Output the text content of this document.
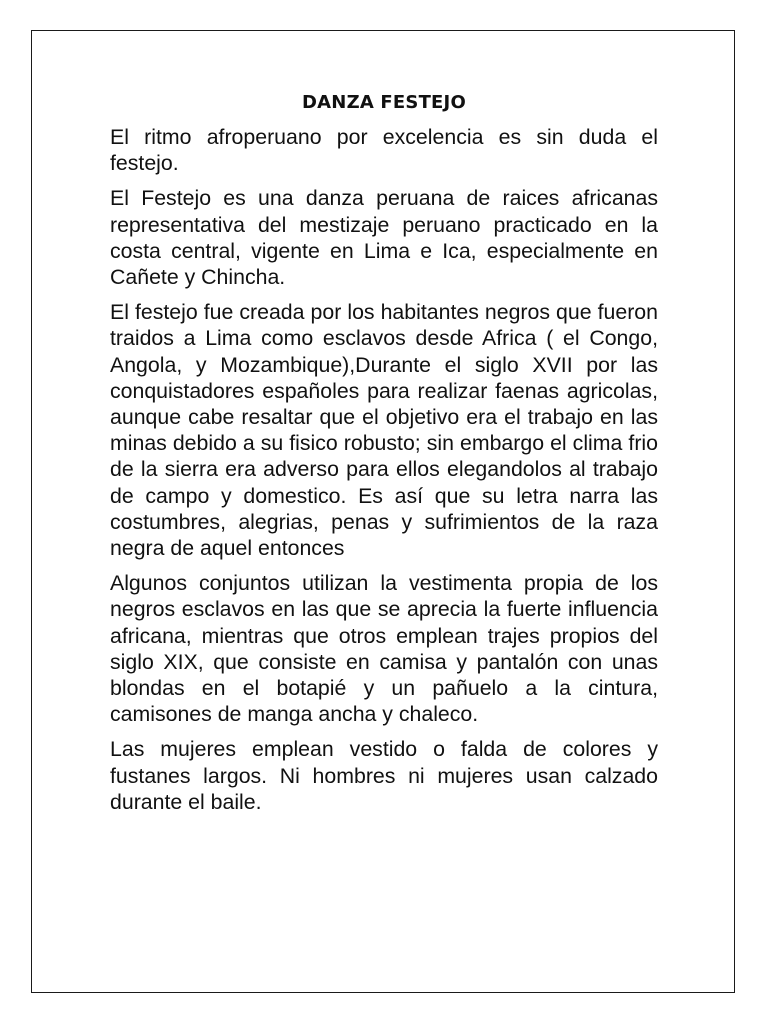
DANZA FESTEJO

El ritmo afroperuano por excelencia es sin duda el festejo.

El Festejo es una danza peruana de raices africanas representativa del mestizaje peruano practicado en la costa central, vigente en Lima e Ica, especialmente en Cañete y Chincha.

El festejo fue creada por los habitantes negros que fueron traidos a Lima como esclavos desde Africa ( el Congo, Angola, y Mozambique),Durante el siglo XVII por las conquistadores españoles para realizar faenas agricolas, aunque cabe resaltar que el objetivo era el trabajo en las minas debido a su fisico robusto; sin embargo el clima frio de la sierra era adverso para ellos elegandolos al trabajo de campo y domestico. Es así que su letra narra las costumbres, alegrias, penas y sufrimientos de la raza negra de aquel entonces

Algunos conjuntos utilizan la vestimenta propia de los negros esclavos en las que se aprecia la fuerte influencia africana, mientras que otros emplean trajes propios del siglo XIX, que consiste en camisa y pantalón con unas blondas en el botapié y un pañuelo a la cintura, camisones de manga ancha y chaleco.

Las mujeres emplean vestido o falda de colores y fustanes largos. Ni hombres ni mujeres usan calzado durante el baile.
